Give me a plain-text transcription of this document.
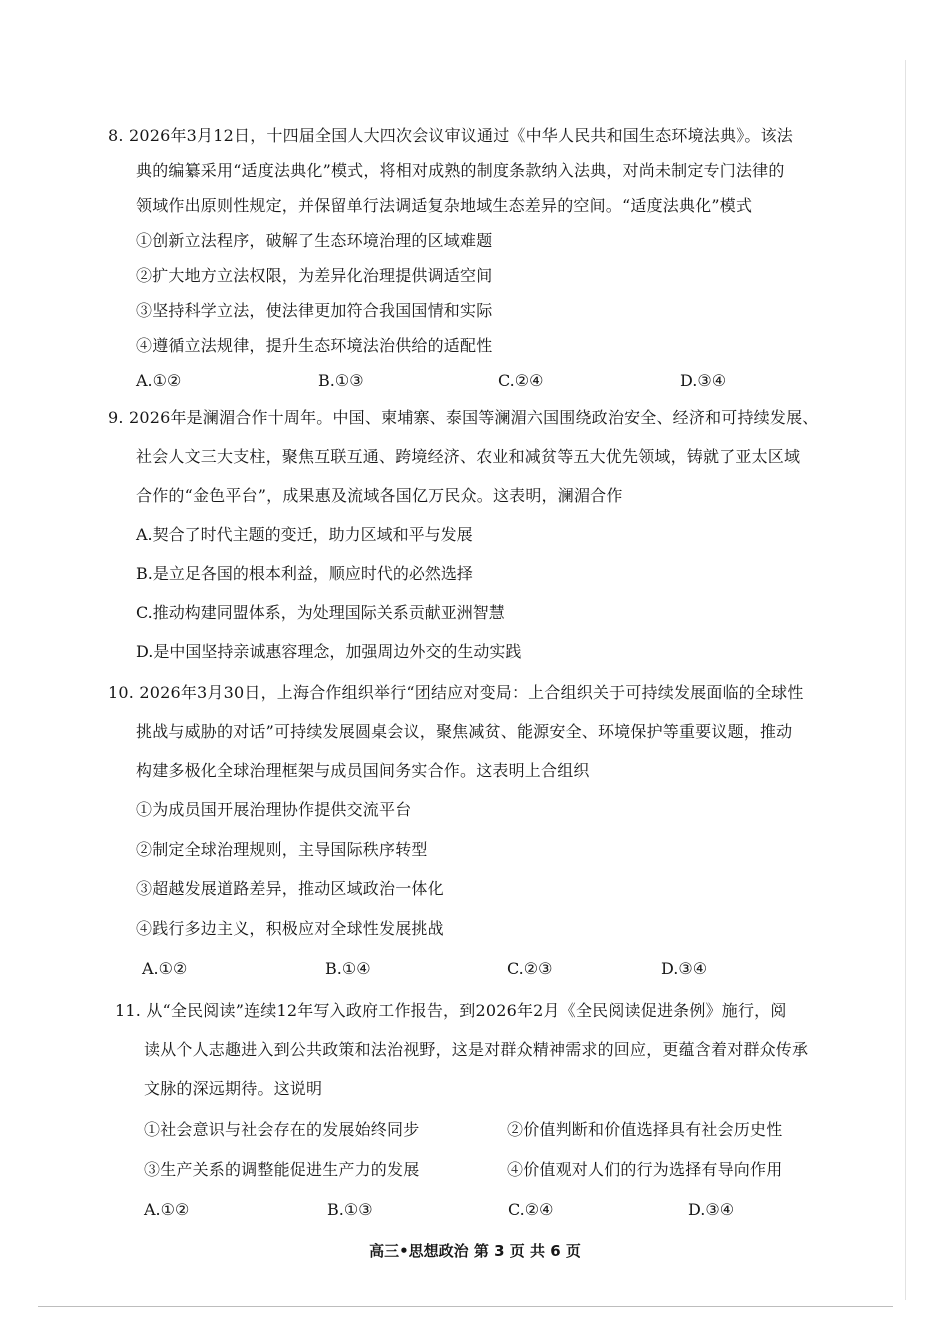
8. 2026年3月12日，十四届全国人大四次会议审议通过《中华人民共和国生态环境法典》。该法
典的编纂采用“适度法典化”模式，将相对成熟的制度条款纳入法典，对尚未制定专门法律的
领域作出原则性规定，并保留单行法调适复杂地域生态差异的空间。“适度法典化”模式
①创新立法程序，破解了生态环境治理的区域难题
②扩大地方立法权限，为差异化治理提供调适空间
③坚持科学立法，使法律更加符合我国国情和实际
④遵循立法规律，提升生态环境法治供给的适配性
A.①②	B.①③	C.②④	D.③④
9. 2026年是澜湄合作十周年。中国、柬埔寨、泰国等澜湄六国围绕政治安全、经济和可持续发展、
社会人文三大支柱，聚焦互联互通、跨境经济、农业和减贫等五大优先领域，铸就了亚太区域
合作的“金色平台”，成果惠及流域各国亿万民众。这表明，澜湄合作
A.契合了时代主题的变迁，助力区域和平与发展
B.是立足各国的根本利益，顺应时代的必然选择
C.推动构建同盟体系，为处理国际关系贡献亚洲智慧
D.是中国坚持亲诚惠容理念，加强周边外交的生动实践
10. 2026年3月30日，上海合作组织举行“团结应对变局：上合组织关于可持续发展面临的全球性
挑战与威胁的对话”可持续发展圆桌会议，聚焦减贫、能源安全、环境保护等重要议题，推动
构建多极化全球治理框架与成员国间务实合作。这表明上合组织
①为成员国开展治理协作提供交流平台
②制定全球治理规则，主导国际秩序转型
③超越发展道路差异，推动区域政治一体化
④践行多边主义，积极应对全球性发展挑战
A.①②	B.①④	C.②③	D.③④
11. 从“全民阅读”连续12年写入政府工作报告，到2026年2月《全民阅读促进条例》施行，阅
读从个人志趣进入到公共政策和法治视野，这是对群众精神需求的回应，更蕴含着对群众传承
文脉的深远期待。这说明
①社会意识与社会存在的发展始终同步	②价值判断和价值选择具有社会历史性
③生产关系的调整能促进生产力的发展	④价值观对人们的行为选择有导向作用
A.①②	B.①③	C.②④	D.③④
高三•思想政治 第 3 页 共 6 页
